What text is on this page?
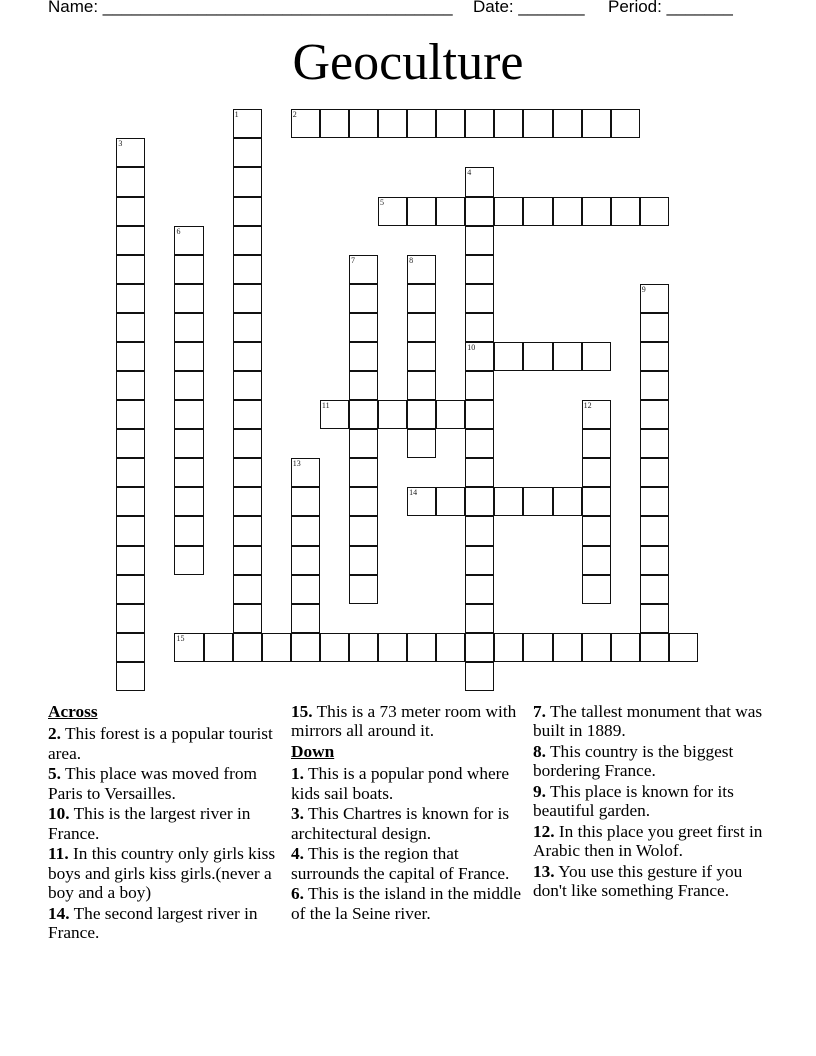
Name: _____________________________________

Date: _______

Period: _______

Geoculture
2
5
10
11
14
15
1
3
4
6
7	8
9
12
13
Across
2. This forest is a popular tourist area.
5. This place was moved from Paris to Versailles.
10. This is the largest river in France.
11. In this country only girls kiss boys and girls kiss girls.(never a boy and a boy)
14. The second largest river in France.
15. This is a 73 meter room with mirrors all around it.
Down
1. This is a popular pond where kids sail boats.
3. This Chartres is known for is architectural design.
4. This is the region that surrounds the capital of France.
6. This is the island in the middle of the la Seine river.
7. The tallest monument that was built in 1889.
8. This country is the biggest bordering France.
9. This place is known for its beautiful garden.
12. In this place you greet first in Arabic then in Wolof.
13. You use this gesture if you don't like something France.
